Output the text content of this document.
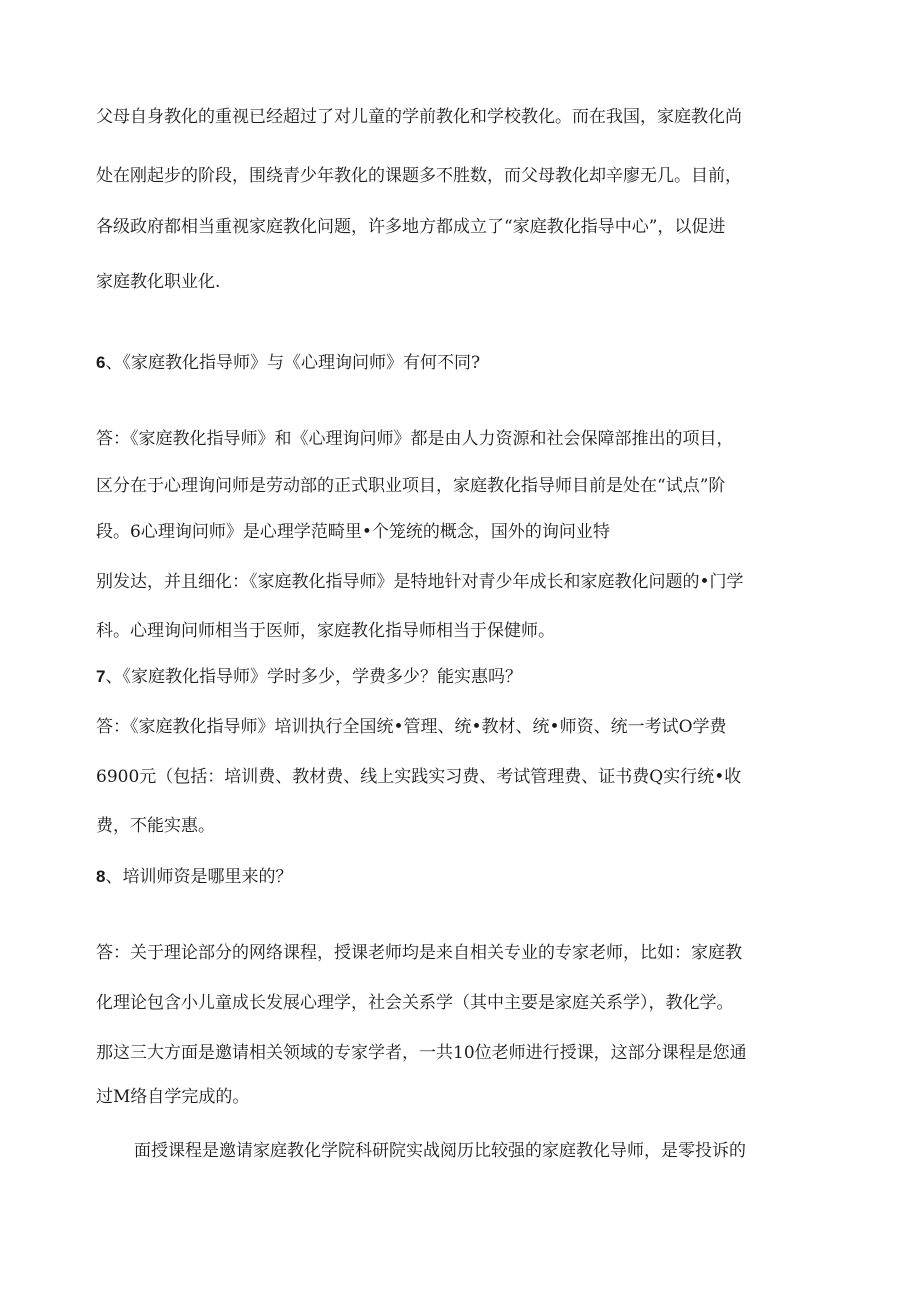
父母自身教化的重视已经超过了对儿童的学前教化和学校教化。而在我国，家庭教化尚
处在刚起步的阶段，围绕青少年教化的课题多不胜数，而父母教化却辛廖无几。目前，
各级政府都相当重视家庭教化问题，许多地方都成立了“家庭教化指导中心”，以促进
家庭教化职业化.
6、《家庭教化指导师》与《心理询问师》有何不同?
答：《家庭教化指导师》和《心理询问师》都是由人力资源和社会保障部推出的项目，
区分在于心理询问师是劳动部的正式职业项目，家庭教化指导师目前是处在“试点”阶
段。6心理询问师》是心理学范畸里•个笼统的概念，国外的询问业特
别发达，并且细化：《家庭教化指导师》是特地针对青少年成长和家庭教化问题的•门学
科。心理询问师相当于医师，家庭教化指导师相当于保健师。
7、《家庭教化指导师》学时多少，学费多少？能实惠吗？
答：《家庭教化指导师》培训执行全国统•管理、统•教材、统•师资、统一考试O学费
6900元（包括：培训费、教材费、线上实践实习费、考试管理费、证书费Q实行统•收
费，不能实惠。
8、培训师资是哪里来的？
答：关于理论部分的网络课程，授课老师均是来自相关专业的专家老师，比如：家庭教
化理论包含小儿童成长发展心理学，社会关系学（其中主要是家庭关系学），教化学。
那这三大方面是邀请相关领域的专家学者，一共10位老师进行授课，这部分课程是您通
过M络自学完成的。
面授课程是邀请家庭教化学院科研院实战阅历比较强的家庭教化导师，是零投诉的
